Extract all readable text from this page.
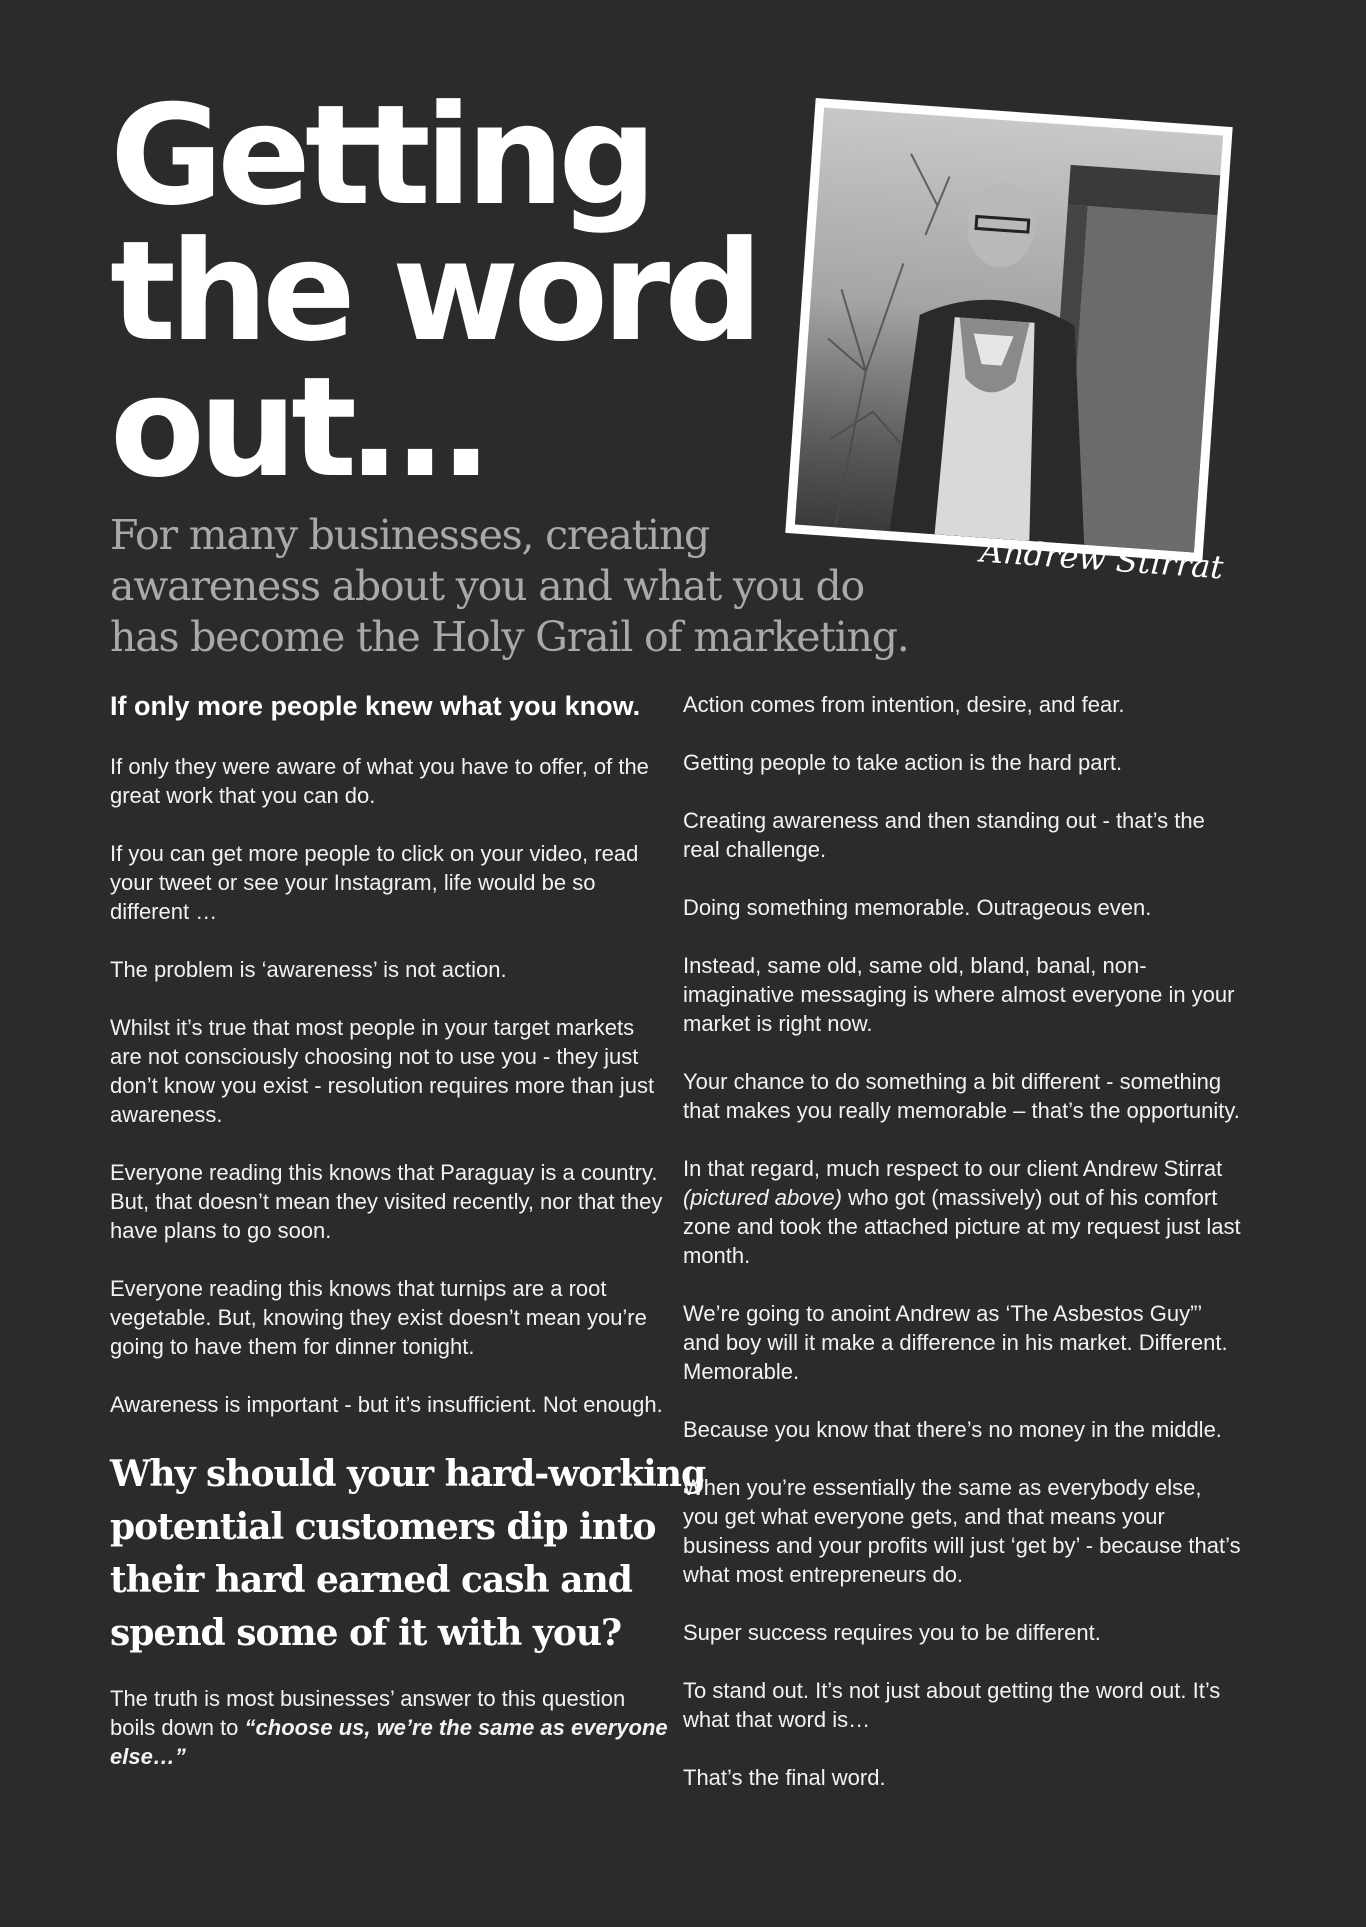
Getting
the word
out…
For many businesses, creating
awareness about you and what you do
has become the Holy Grail of marketing.
Andrew Stirrat

If only more people knew what you know.

If only they were aware of what you have to offer, of the great work that you can do.

If you can get more people to click on your video, read your tweet or see your Instagram, life would be so different …

The problem is ‘awareness’ is not action.

Whilst it’s true that most people in your target markets are not consciously choosing not to use you - they just don’t know you exist - resolution requires more than just awareness.

Everyone reading this knows that Paraguay is a country. But, that doesn’t mean they visited recently, nor that they have plans to go soon.

Everyone reading this knows that turnips are a root vegetable. But, knowing they exist doesn’t mean you’re going to have them for dinner tonight.

Awareness is important - but it’s insufficient. Not enough.

Why should your hard-working
potential customers dip into
their hard earned cash and
spend some of it with you?

The truth is most businesses’ answer to this question boils down to “choose us, we’re the same as everyone else…”

Action comes from intention, desire, and fear.

Getting people to take action is the hard part.

Creating awareness and then standing out - that’s the real challenge.

Doing something memorable. Outrageous even.

Instead, same old, same old, bland, banal, non-imaginative messaging is where almost everyone in your market is right now.

Your chance to do something a bit different - something that makes you really memorable – that’s the opportunity.

In that regard, much respect to our client Andrew Stirrat (pictured above) who got (massively) out of his comfort zone and took the attached picture at my request just last month.

We’re going to anoint Andrew as ‘The Asbestos Guy”’ and boy will it make a difference in his market. Different. Memorable.

Because you know that there’s no money in the middle.

When you’re essentially the same as everybody else, you get what everyone gets, and that means your business and your profits will just ‘get by’ - because that’s what most entrepreneurs do.

Super success requires you to be different.

To stand out. It’s not just about getting the word out. It’s what that word is…

That’s the final word.
